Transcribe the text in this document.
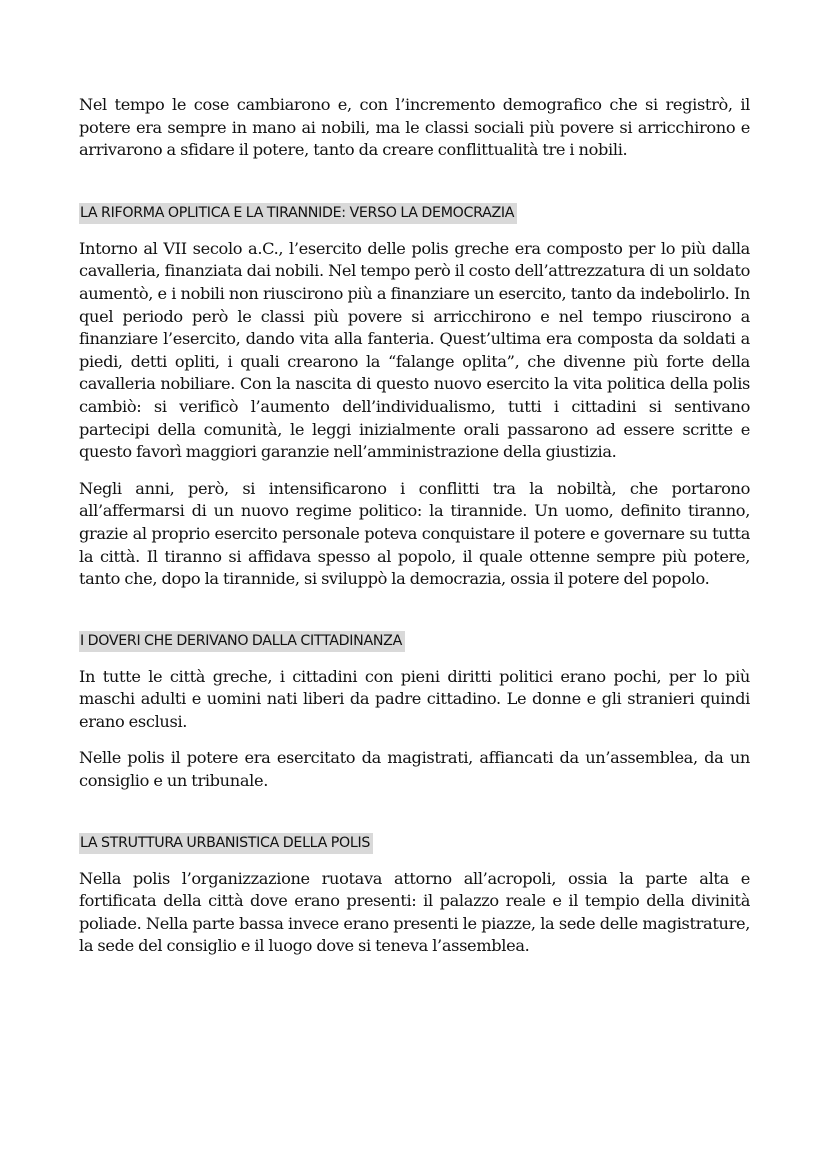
Nel tempo le cose cambiarono e, con l’incremento demografico che si registrò, il potere era sempre in mano ai nobili, ma le classi sociali più povere si arricchirono e arrivarono a sfidare il potere, tanto da creare conflittualità tre i nobili.

LA RIFORMA OPLITICA E LA TIRANNIDE: VERSO LA DEMOCRAZIA

Intorno al VII secolo a.C., l’esercito delle polis greche era composto per lo più dalla cavalleria, finanziata dai nobili. Nel tempo però il costo dell’attrezzatura di un soldato aumentò, e i nobili non riuscirono più a finanziare un esercito, tanto da indebolirlo. In quel periodo però le classi più povere si arricchirono e nel tempo riuscirono a finanziare l’esercito, dando vita alla fanteria. Quest’ultima era composta da soldati a piedi, detti opliti, i quali crearono la “falange oplita”, che divenne più forte della cavalleria nobiliare. Con la nascita di questo nuovo esercito la vita politica della polis cambiò: si verificò l’aumento dell’individualismo, tutti i cittadini si sentivano partecipi della comunità, le leggi inizialmente orali passarono ad essere scritte e questo favorì maggiori garanzie nell’amministrazione della giustizia.

Negli anni, però, si intensificarono i conflitti tra la nobiltà, che portarono all’affermarsi di un nuovo regime politico: la tirannide. Un uomo, definito tiranno, grazie al proprio esercito personale poteva conquistare il potere e governare su tutta la città. Il tiranno si affidava spesso al popolo, il quale ottenne sempre più potere, tanto che, dopo la tirannide, si sviluppò la democrazia, ossia il potere del popolo.

I DOVERI CHE DERIVANO DALLA CITTADINANZA

In tutte le città greche, i cittadini con pieni diritti politici erano pochi, per lo più maschi adulti e uomini nati liberi da padre cittadino. Le donne e gli stranieri quindi erano esclusi.

Nelle polis il potere era esercitato da magistrati, affiancati da un’assemblea, da un consiglio e un tribunale.

LA STRUTTURA URBANISTICA DELLA POLIS

Nella polis l’organizzazione ruotava attorno all’acropoli, ossia la parte alta e fortificata della città dove erano presenti: il palazzo reale e il tempio della divinità poliade. Nella parte bassa invece erano presenti le piazze, la sede delle magistrature, la sede del consiglio e il luogo dove si teneva l’assemblea.
